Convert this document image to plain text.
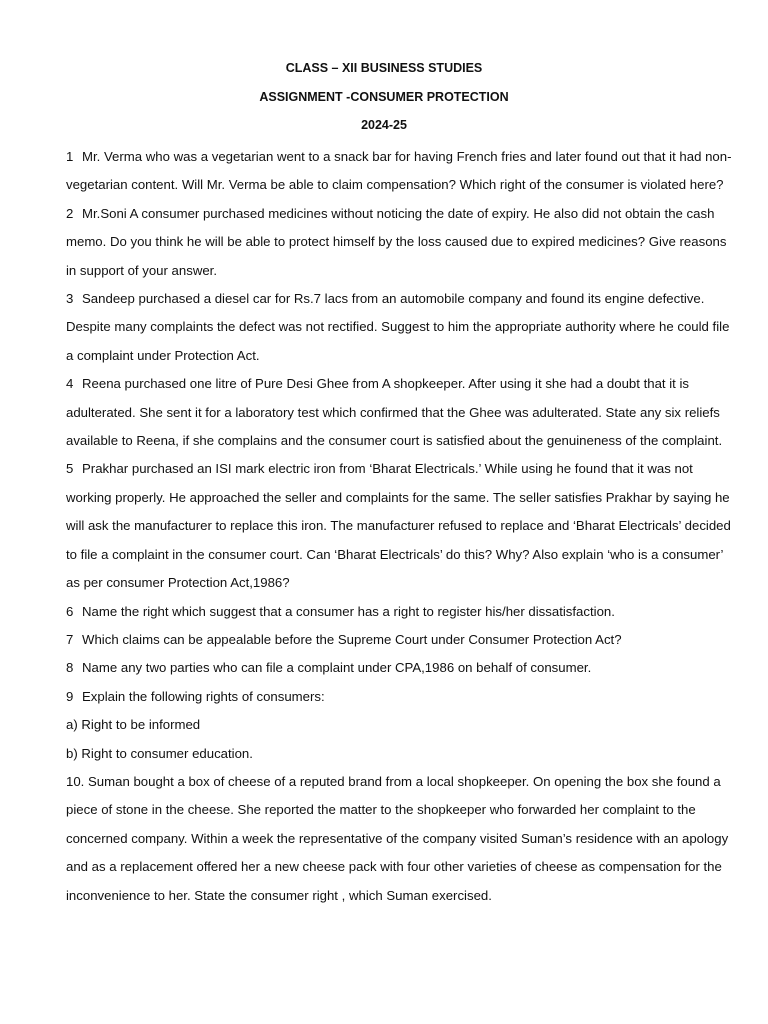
CLASS – XII BUSINESS STUDIES
ASSIGNMENT -CONSUMER PROTECTION
2024-25

1 Mr. Verma who was a vegetarian went to a snack bar for having French fries and later found out that it had non-vegetarian content. Will Mr. Verma be able to claim compensation? Which right of the consumer is violated here?

2 Mr.Soni A consumer purchased medicines without noticing the date of expiry. He also did not obtain the cash memo. Do you think he will be able to protect himself by the loss caused due to expired medicines? Give reasons in support of your answer.

3 Sandeep purchased a diesel car for Rs.7 lacs from an automobile company and found its engine defective. Despite many complaints the defect was not rectified. Suggest to him the appropriate authority where he could file a complaint under Protection Act.

4 Reena purchased one litre of Pure Desi Ghee from A shopkeeper. After using it she had a doubt that it is adulterated. She sent it for a laboratory test which confirmed that the Ghee was adulterated. State any six reliefs available to Reena, if she complains and the consumer court is satisfied about the genuineness of the complaint.

5 Prakhar purchased an ISI mark electric iron from ‘Bharat Electricals.’ While using he found that it was not working properly. He approached the seller and complaints for the same. The seller satisfies Prakhar by saying he will ask the manufacturer to replace this iron. The manufacturer refused to replace and ‘Bharat Electricals’ decided to file a complaint in the consumer court. Can ‘Bharat Electricals’ do this? Why? Also explain ‘who is a consumer’ as per consumer Protection Act,1986?

6 Name the right which suggest that a consumer has a right to register his/her dissatisfaction.

7 Which claims can be appealable before the Supreme Court under Consumer Protection Act?

8 Name any two parties who can file a complaint under CPA,1986 on behalf of consumer.

9 Explain the following rights of consumers:

a) Right to be informed

b) Right to consumer education.

10. Suman bought a box of cheese of a reputed brand from a local shopkeeper. On opening the box she found a piece of stone in the cheese. She reported the matter to the shopkeeper who forwarded her complaint to the concerned company. Within a week the representative of the company visited Suman’s residence with an apology and as a replacement offered her a new cheese pack with four other varieties of cheese as compensation for the inconvenience to her. State the consumer right , which Suman exercised.
